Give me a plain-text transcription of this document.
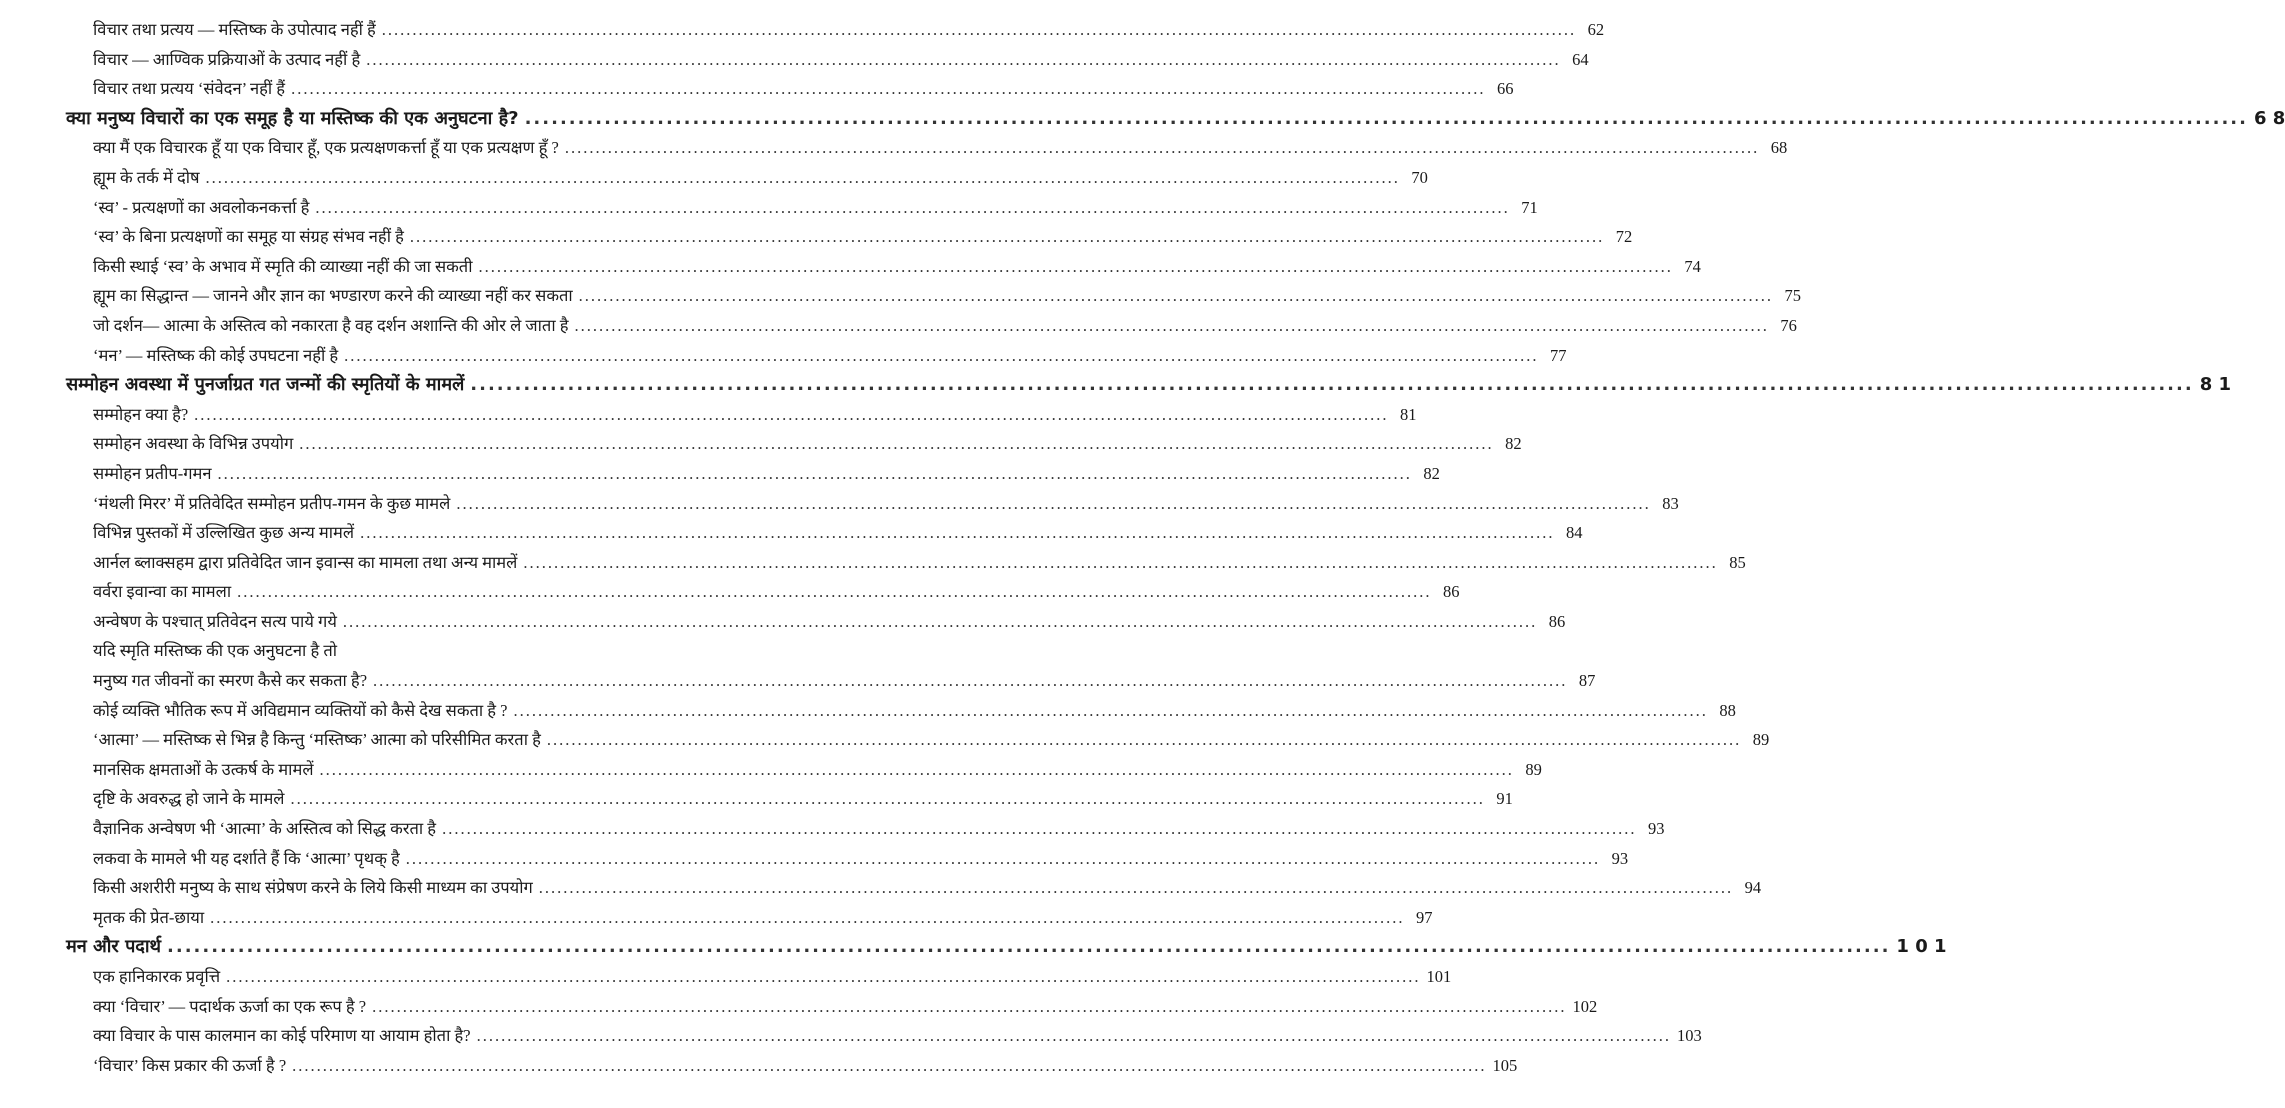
विचार तथा प्रत्यय — मस्तिष्क के उपोत्पाद नहीं हैं .....	62
विचार — आण्विक प्रक्रियाओं के उत्पाद नहीं है .....	64
विचार तथा प्रत्यय ‘संवेदन’ नहीं हैं .....	66
क्या मनुष्य विचारों का एक समूह है या मस्तिष्क की एक अनुघटना है? .....	6 8
क्या मैं एक विचारक हूँ या एक विचार हूँ, एक प्रत्यक्षणकर्त्ता हूँ या एक प्रत्यक्षण हूँ ? .....	68
ह्यूम के तर्क में दोष .....	70
‘स्व’ - प्रत्यक्षणों का अवलोकनकर्त्ता है .....	71
‘स्व’ के बिना प्रत्यक्षणों का समूह या संग्रह संभव नहीं है .....	72
किसी स्थाई ‘स्व’ के अभाव में स्मृति की व्याख्या नहीं की जा सकती .....	74
ह्यूम का सिद्धान्त — जानने और ज्ञान का भण्डारण करने की व्याख्या नहीं कर सकता .....	75
जो दर्शन— आत्मा के अस्तित्व को नकारता है वह दर्शन अशान्ति की ओर ले जाता है .....	76
‘मन’ — मस्तिष्क की कोई उपघटना नहीं है .....	77
सम्मोहन अवस्था में पुनर्जाग्रत गत जन्मों की स्मृतियों के मामलें .....	8 1
सम्मोहन क्या है? .....	81
सम्मोहन अवस्था के विभिन्न उपयोग .....	82
सम्मोहन प्रतीप-गमन .....	82
‘मंथली मिरर’ में प्रतिवेदित सम्मोहन प्रतीप-गमन के कुछ मामले .....	83
विभिन्न पुस्तकों में उल्लिखित कुछ अन्य मामलें .....	84
आर्नल ब्लाक्सहम द्वारा प्रतिवेदित जान इवान्स का मामला तथा अन्य मामलें .....	85
वर्वरा इवान्वा का मामला .....	86
अन्वेषण के पश्चात् प्रतिवेदन सत्य पाये गये .....	86
यदि स्मृति मस्तिष्क की एक अनुघटना है तो
मनुष्य गत जीवनों का स्मरण कैसे कर सकता है? .....	87
कोई व्यक्ति भौतिक रूप में अविद्यमान व्यक्तियों को कैसे देख सकता है ? .....	88
‘आत्मा’ — मस्तिष्क से भिन्न है किन्तु ‘मस्तिष्क’ आत्मा को परिसीमित करता है .....	89
मानसिक क्षमताओं के उत्कर्ष के मामलें .....	89
दृष्टि के अवरुद्ध हो जाने के मामले .....	91
वैज्ञानिक अन्वेषण भी ‘आत्मा’ के अस्तित्व को सिद्ध करता है .....	93
लकवा के मामले भी यह दर्शाते हैं कि ‘आत्मा’ पृथक् है .....	93
किसी अशरीरी मनुष्य के साथ संप्रेषण करने के लिये किसी माध्यम का उपयोग .....	94
मृतक की प्रेत-छाया .....	97
मन और पदार्थ .....	1 0 1
एक हानिकारक प्रवृत्ति .....	101
क्या ‘विचार’ — पदार्थक ऊर्जा का एक रूप है ? .....	102
क्या विचार के पास कालमान का कोई परिमाण या आयाम होता है? .....	103
‘विचार’ किस प्रकार की ऊर्जा है ? .....	105
